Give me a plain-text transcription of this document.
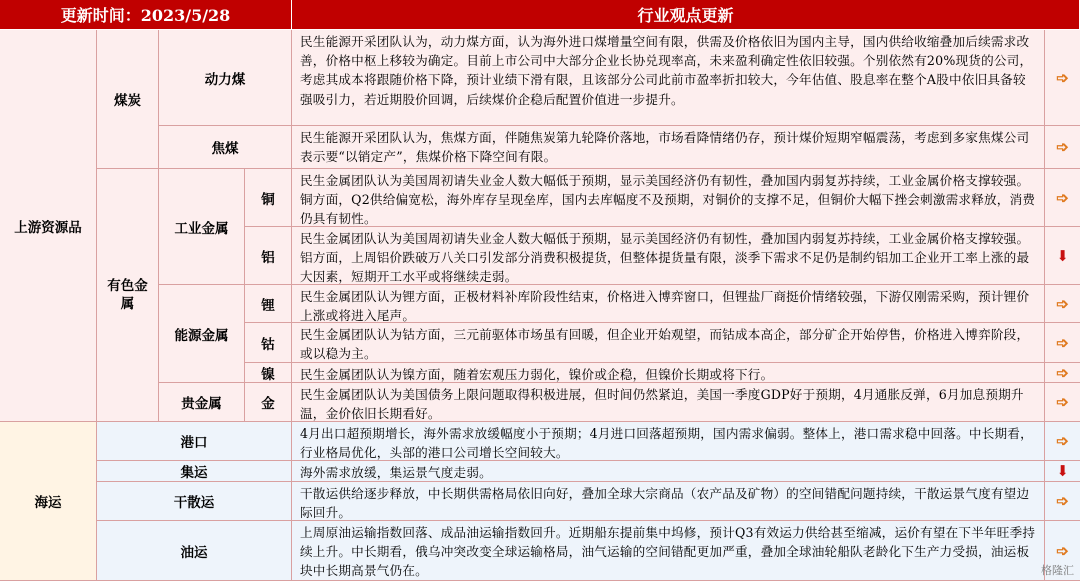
更新时间：2023/5/28	行业观点更新
上游资源品
海运
煤炭
有色金属
动力煤
焦煤
工业金属
能源金属
贵金属
铜
铝
锂
钴
镍
金
港口
集运
干散运
油运
民生能源开采团队认为，动力煤方面，认为海外进口煤增量空间有限，供需及价格依旧为国内主导，国内供给收缩叠加后续需求改善，价格中枢上移较为确定。目前上市公司中大部分企业长协兑现率高，未来盈利确定性依旧较强。个别依然有20%现货的公司，考虑其成本将跟随价格下降，预计业绩下滑有限，且该部分公司此前市盈率折扣较大，今年估值、股息率在整个A股中依旧具备较强吸引力，若近期股价回调，后续煤价企稳后配置价值进一步提升。
民生能源开采团队认为，焦煤方面，伴随焦炭第九轮降价落地，市场看降情绪仍存，预计煤价短期窄幅震荡，考虑到多家焦煤公司表示要“以销定产”，焦煤价格下降空间有限。
民生金属团队认为美国周初请失业金人数大幅低于预期，显示美国经济仍有韧性，叠加国内弱复苏持续，工业金属价格支撑较强。铜方面，Q2供给偏宽松，海外库存呈现垒库，国内去库幅度不及预期，对铜价的支撑不足，但铜价大幅下挫会刺激需求释放，消费仍具有韧性。
民生金属团队认为美国周初请失业金人数大幅低于预期，显示美国经济仍有韧性，叠加国内弱复苏持续，工业金属价格支撑较强。铝方面，上周铝价跌破万八关口引发部分消费积极提货，但整体提货量有限，淡季下需求不足仍是制约铝加工企业开工率上涨的最大因素，短期开工水平或将继续走弱。
民生金属团队认为锂方面，正极材料补库阶段性结束，价格进入博弈窗口，但锂盐厂商挺价情绪较强，下游仅刚需采购，预计锂价上涨或将进入尾声。
民生金属团队认为钴方面，三元前驱体市场虽有回暖，但企业开始观望，而钴成本高企，部分矿企开始停售，价格进入博弈阶段，或以稳为主。
民生金属团队认为镍方面，随着宏观压力弱化，镍价或企稳，但镍价长期或将下行。
民生金属团队认为美国债务上限问题取得积极进展，但时间仍然紧迫，美国一季度GDP好于预期，4月通胀反弹，6月加息预期升温，金价依旧长期看好。
4月出口超预期增长，海外需求放缓幅度小于预期；4月进口回落超预期，国内需求偏弱。整体上，港口需求稳中回落。中长期看，行业格局优化，头部的港口公司增长空间较大。
海外需求放缓，集运景气度走弱。
干散运供给逐步释放，中长期供需格局依旧向好，叠加全球大宗商品（农产品及矿物）的空间错配问题持续，干散运景气度有望边际回升。
上周原油运输指数回落、成品油运输指数回升。近期船东提前集中坞修，预计Q3有效运力供给甚至缩减，运价有望在下半年旺季持续上升。中长期看，俄乌冲突改变全球运输格局，油气运输的空间错配更加严重，叠加全球油轮船队老龄化下生产力受损，油运板块中长期高景气仍在。
➩
➩
➩
⬇
➩
➩
➩
➩
➩
⬇
➩
➩
格隆汇
